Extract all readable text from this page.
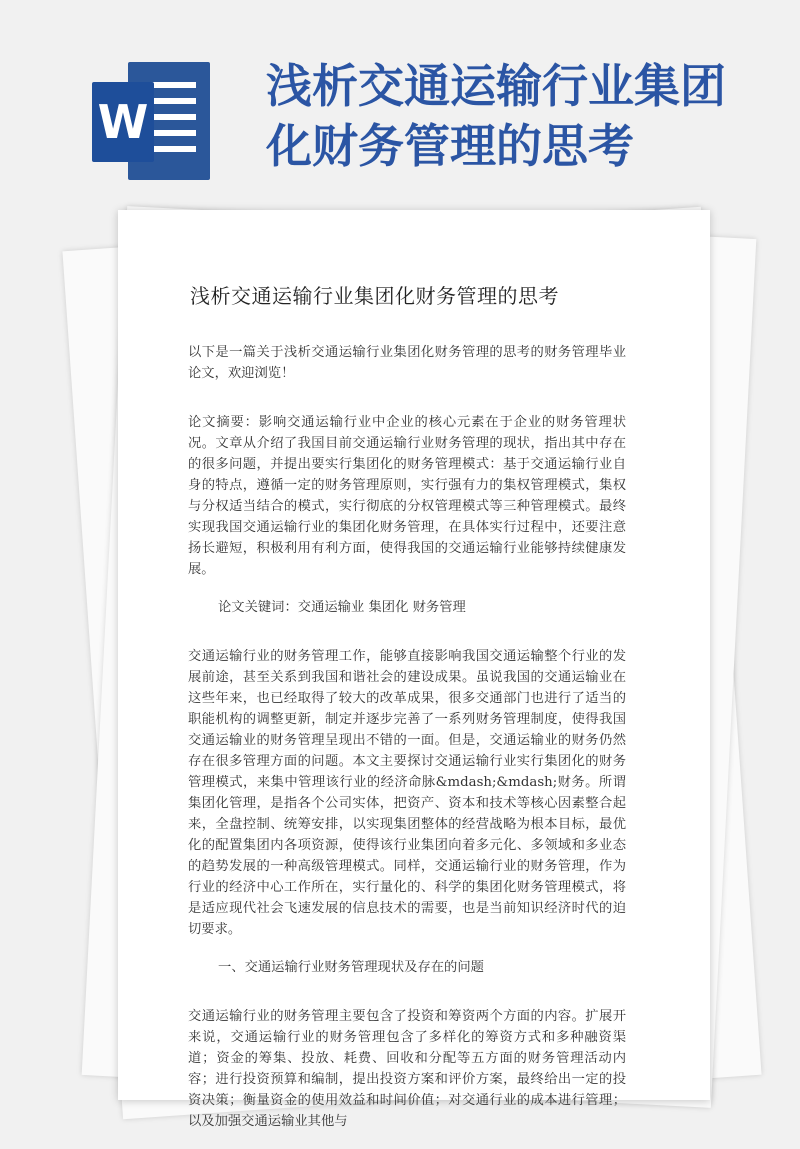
W
浅析交通运输行业集团化财务管理的思考
浅析交通运输行业集团化财务管理的思考

以下是一篇关于浅析交通运输行业集团化财务管理的思考的财务管理毕业论文，欢迎浏览！

论文摘要：影响交通运输行业中企业的核心元素在于企业的财务管理状况。文章从介绍了我国目前交通运输行业财务管理的现状，指出其中存在的很多问题，并提出要实行集团化的财务管理模式：基于交通运输行业自身的特点，遵循一定的财务管理原则，实行强有力的集权管理模式，集权与分权适当结合的模式，实行彻底的分权管理模式等三种管理模式。最终实现我国交通运输行业的集团化财务管理，在具体实行过程中，还要注意扬长避短，积极利用有利方面，使得我国的交通运输行业能够持续健康发展。

论文关键词：交通运输业 集团化 财务管理

交通运输行业的财务管理工作，能够直接影响我国交通运输整个行业的发展前途，甚至关系到我国和谐社会的建设成果。虽说我国的交通运输业在这些年来，也已经取得了较大的改革成果，很多交通部门也进行了适当的职能机构的调整更新，制定并逐步完善了一系列财务管理制度，使得我国交通运输业的财务管理呈现出不错的一面。但是，交通运输业的财务仍然存在很多管理方面的问题。本文主要探讨交通运输行业实行集团化的财务管理模式，来集中管理该行业的经济命脉&mdash;&mdash;财务。所谓集团化管理，是指各个公司实体，把资产、资本和技术等核心因素整合起来，全盘控制、统筹安排，以实现集团整体的经营战略为根本目标，最优化的配置集团内各项资源，使得该行业集团向着多元化、多领域和多业态的趋势发展的一种高级管理模式。同样，交通运输行业的财务管理，作为行业的经济中心工作所在，实行量化的、科学的集团化财务管理模式，将是适应现代社会飞速发展的信息技术的需要，也是当前知识经济时代的迫切要求。

一、交通运输行业财务管理现状及存在的问题

交通运输行业的财务管理主要包含了投资和筹资两个方面的内容。扩展开来说，交通运输行业的财务管理包含了多样化的筹资方式和多种融资渠道；资金的筹集、投放、耗费、回收和分配等五方面的财务管理活动内容；进行投资预算和编制，提出投资方案和评价方案，最终给出一定的投资决策；衡量资金的使用效益和时间价值；对交通行业的成本进行管理；以及加强交通运输业其他与
